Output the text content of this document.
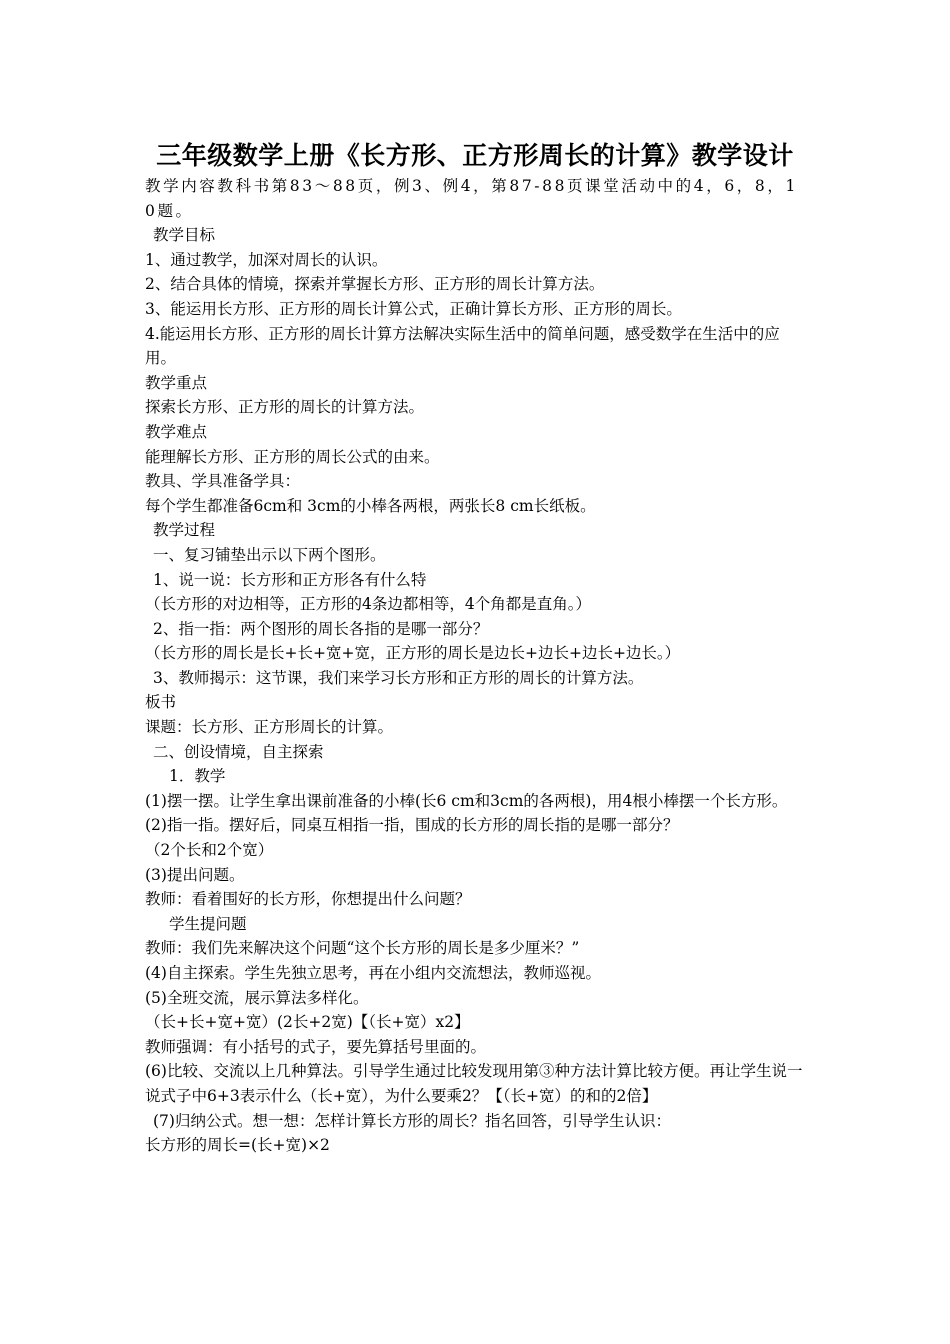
三年级数学上册《长方形、正方形周长的计算》教学设计

教学内容教科书第83～88页，例3、例4，第87-88页课堂活动中的4，6，8，10题。

教学目标

1、通过教学，加深对周长的认识。

2、结合具体的情境，探索并掌握长方形、正方形的周长计算方法。

3、能运用长方形、正方形的周长计算公式，正确计算长方形、正方形的周长。

4.能运用长方形、正方形的周长计算方法解决实际生活中的简单问题，感受数学在生活中的应用。

教学重点

探索长方形、正方形的周长的计算方法。

教学难点

能理解长方形、正方形的周长公式的由来。

教具、学具准备学具：

每个学生都准备6cm和 3cm的小棒各两根，两张长8 cm长纸板。

教学过程

一、复习铺垫出示以下两个图形。

1、说一说：长方形和正方形各有什么特

（长方形的对边相等，正方形的4条边都相等，4个角都是直角。）

2、指一指：两个图形的周长各指的是哪一部分？

（长方形的周长是长+长+宽+宽，正方形的周长是边长+边长+边长+边长。）

3、教师揭示：这节课，我们来学习长方形和正方形的周长的计算方法。

板书

课题：长方形、正方形周长的计算。

二、创设情境，自主探索

1．教学

(1)摆一摆。让学生拿出课前准备的小棒(长6 cm和3cm的各两根)，用4根小棒摆一个长方形。

(2)指一指。摆好后，同桌互相指一指，围成的长方形的周长指的是哪一部分？

（2个长和2个宽）

(3)提出问题。

教师：看着围好的长方形，你想提出什么问题？

学生提问题

教师：我们先来解决这个问题“这个长方形的周长是多少厘米？”

(4)自主探索。学生先独立思考，再在小组内交流想法，教师巡视。

(5)全班交流，展示算法多样化。

（长+长+宽+宽）(2长+2宽)【（长+宽）x2】

教师强调：有小括号的式子，要先算括号里面的。

(6)比较、交流以上几种算法。引导学生通过比较发现用第③种方法计算比较方便。再让学生说一说式子中6+3表示什么（长+宽），为什么要乘2？【（长+宽）的和的2倍】

(7)归纳公式。想一想：怎样计算长方形的周长？指名回答，引导学生认识：

长方形的周长=(长+宽)×2
